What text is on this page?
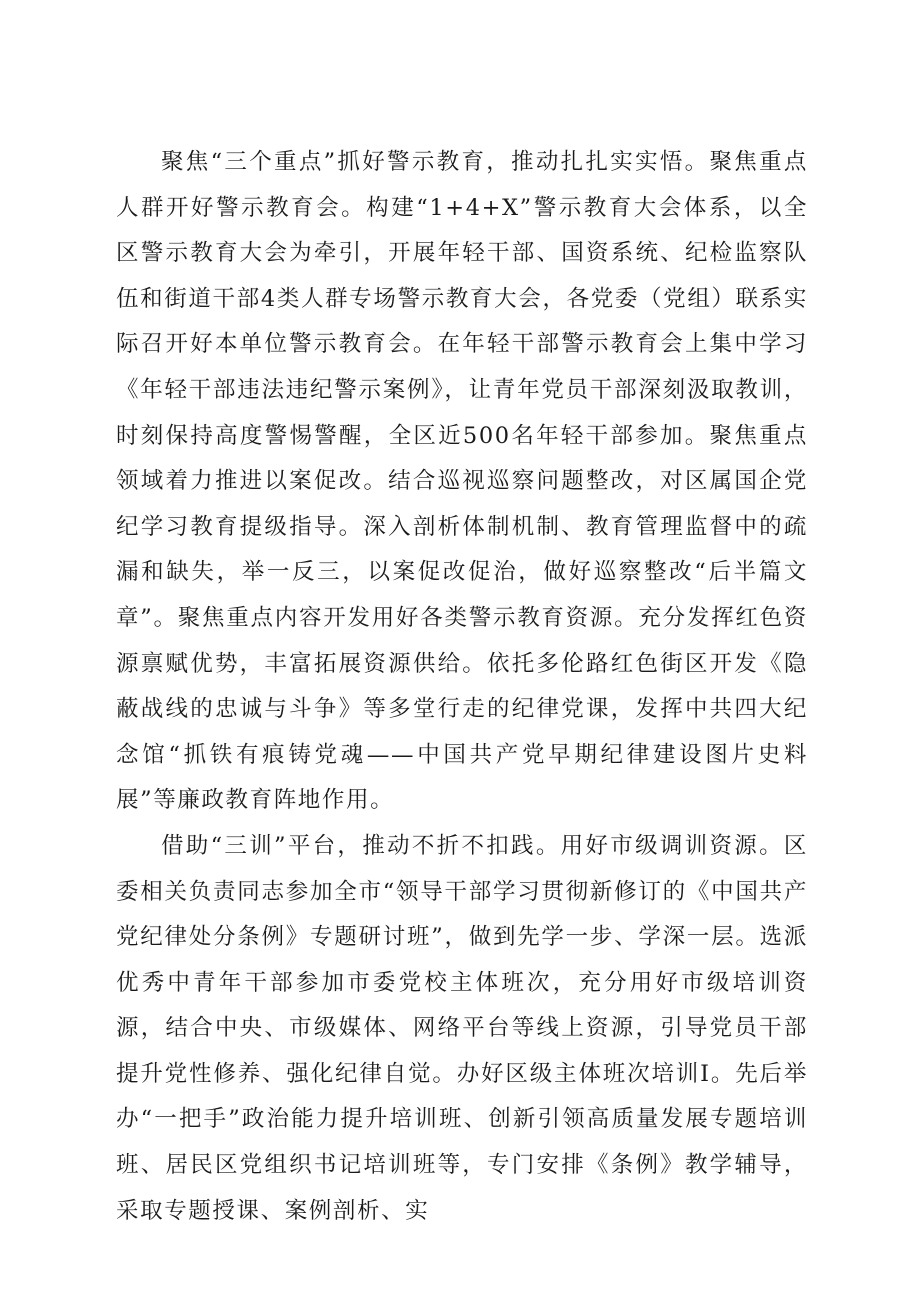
聚焦“三个重点”抓好警示教育，推动扎扎实实悟。聚焦重点人群开好警示教育会。构建“1+4+X”警示教育大会体系，以全区警示教育大会为牵引，开展年轻干部、国资系统、纪检监察队伍和街道干部4类人群专场警示教育大会，各党委（党组）联系实际召开好本单位警示教育会。在年轻干部警示教育会上集中学习《年轻干部违法违纪警示案例》，让青年党员干部深刻汲取教训，时刻保持高度警惕警醒，全区近500名年轻干部参加。聚焦重点领域着力推进以案促改。结合巡视巡察问题整改，对区属国企党纪学习教育提级指导。深入剖析体制机制、教育管理监督中的疏漏和缺失，举一反三，以案促改促治，做好巡察整改“后半篇文章”。聚焦重点内容开发用好各类警示教育资源。充分发挥红色资源禀赋优势，丰富拓展资源供给。依托多伦路红色街区开发《隐蔽战线的忠诚与斗争》等多堂行走的纪律党课，发挥中共四大纪念馆“抓铁有痕铸党魂——中国共产党早期纪律建设图片史料展”等廉政教育阵地作用。

借助“三训”平台，推动不折不扣践。用好市级调训资源。区委相关负责同志参加全市“领导干部学习贯彻新修订的《中国共产党纪律处分条例》专题研讨班”，做到先学一步、学深一层。选派优秀中青年干部参加市委党校主体班次，充分用好市级培训资源，结合中央、市级媒体、网络平台等线上资源，引导党员干部提升党性修养、强化纪律自觉。办好区级主体班次培训I。先后举办“一把手”政治能力提升培训班、创新引领高质量发展专题培训班、居民区党组织书记培训班等，专门安排《条例》教学辅导，采取专题授课、案例剖析、实
